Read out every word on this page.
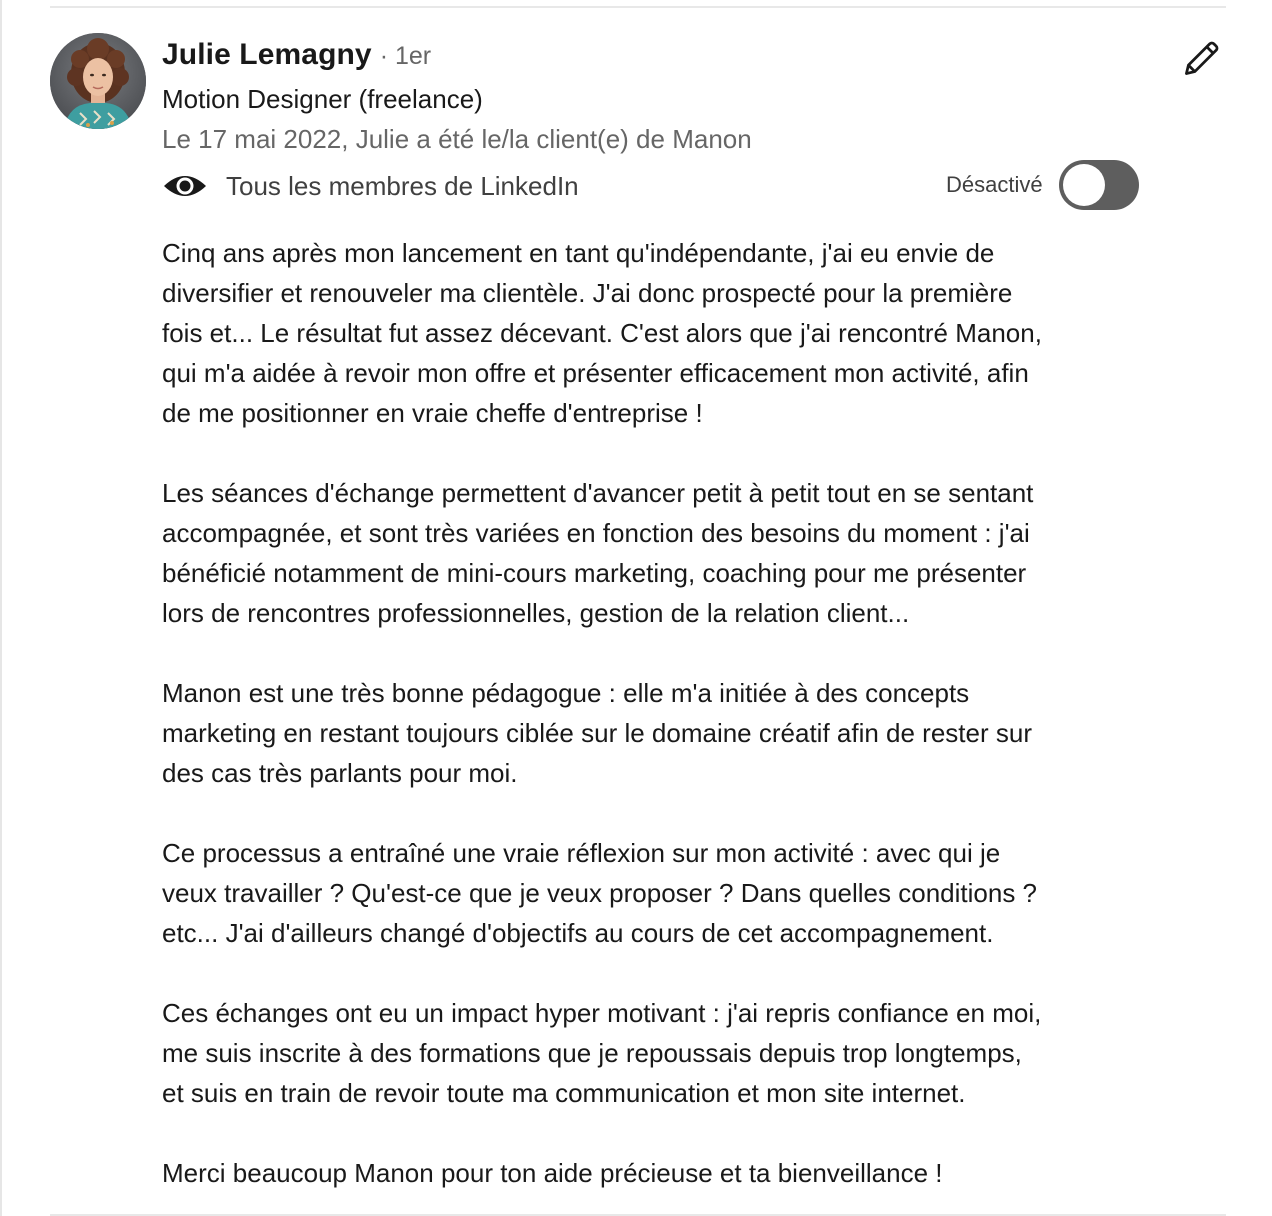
Julie Lemagny · 1er
Motion Designer (freelance)
Le 17 mai 2022, Julie a été le/la client(e) de Manon
Tous les membres de LinkedIn	Désactivé

Cinq ans après mon lancement en tant qu'indépendante, j'ai eu envie de
diversifier et renouveler ma clientèle. J'ai donc prospecté pour la première
fois et... Le résultat fut assez décevant. C'est alors que j'ai rencontré Manon,
qui m'a aidée à revoir mon offre et présenter efficacement mon activité, afin
de me positionner en vraie cheffe d'entreprise !

Les séances d'échange permettent d'avancer petit à petit tout en se sentant
accompagnée, et sont très variées en fonction des besoins du moment : j'ai
bénéficié notamment de mini-cours marketing, coaching pour me présenter
lors de rencontres professionnelles, gestion de la relation client...

Manon est une très bonne pédagogue : elle m'a initiée à des concepts
marketing en restant toujours ciblée sur le domaine créatif afin de rester sur
des cas très parlants pour moi.

Ce processus a entraîné une vraie réflexion sur mon activité : avec qui je
veux travailler ? Qu'est-ce que je veux proposer ? Dans quelles conditions ?
etc... J'ai d'ailleurs changé d'objectifs au cours de cet accompagnement.

Ces échanges ont eu un impact hyper motivant : j'ai repris confiance en moi,
me suis inscrite à des formations que je repoussais depuis trop longtemps,
et suis en train de revoir toute ma communication et mon site internet.

Merci beaucoup Manon pour ton aide précieuse et ta bienveillance !
